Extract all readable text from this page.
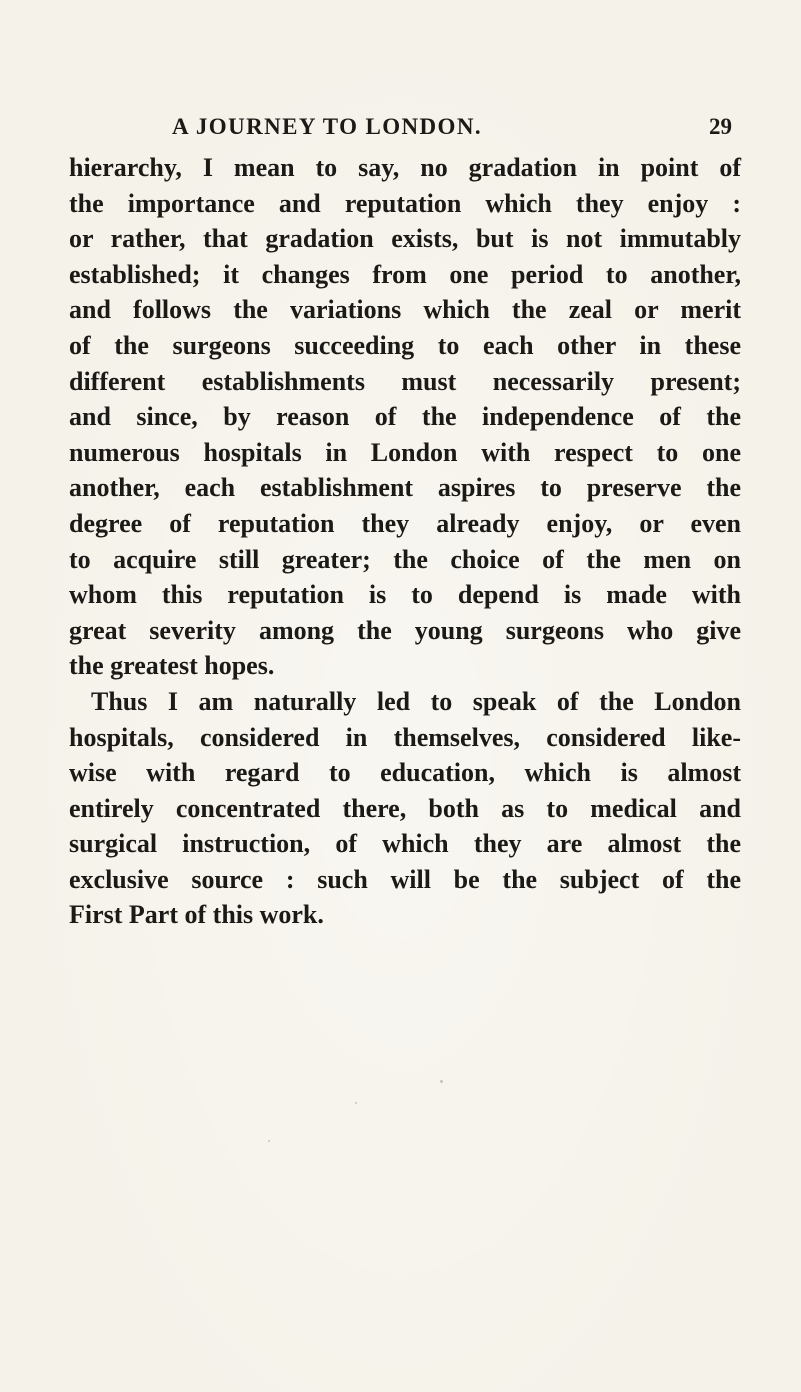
A JOURNEY TO LONDON.	29
hierarchy, I mean to say, no gradation in point of
the importance and reputation which they enjoy :
or rather, that gradation exists, but is not immutably
established; it changes from one period to another,
and follows the variations which the zeal or merit
of the surgeons succeeding to each other in these
different establishments must necessarily present;
and since, by reason of the independence of the
numerous hospitals in London with respect to one
another, each establishment aspires to preserve the
degree of reputation they already enjoy, or even
to acquire still greater; the choice of the men on
whom this reputation is to depend is made with
great severity among the young surgeons who give
the greatest hopes.
Thus I am naturally led to speak of the London
hospitals, considered in themselves, considered like-
wise with regard to education, which is almost
entirely concentrated there, both as to medical and
surgical instruction, of which they are almost the
exclusive source : such will be the subject of the
First Part of this work.
